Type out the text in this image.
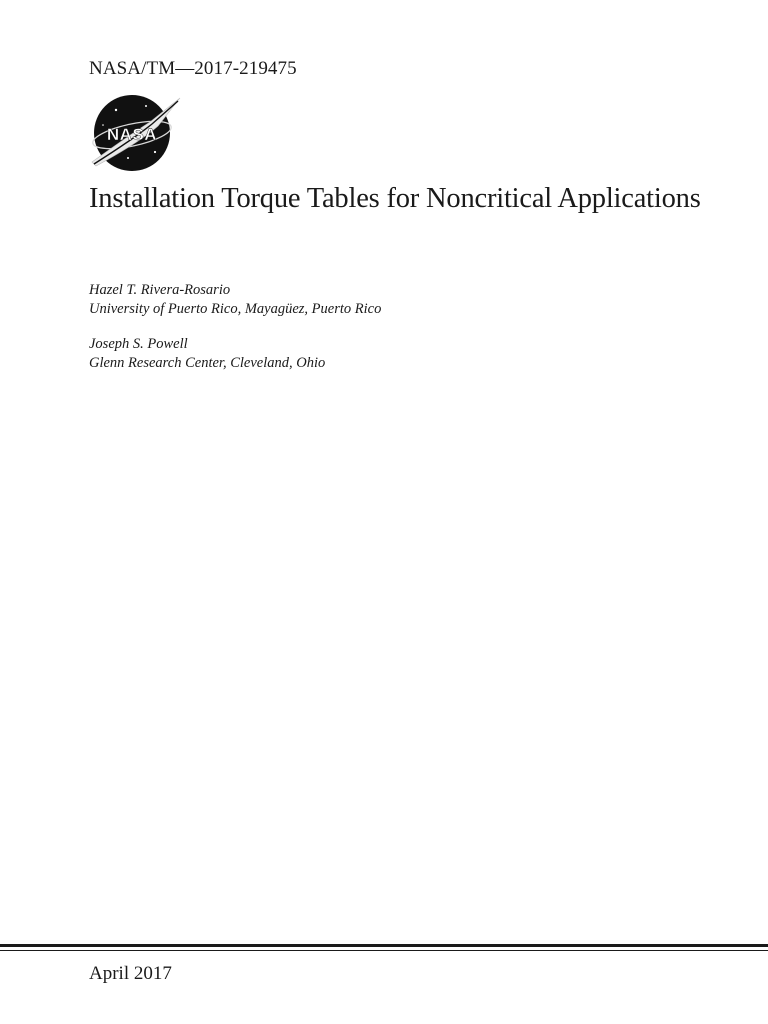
NASA/TM—2017-219475
NASA
Installation Torque Tables for Noncritical Applications
Hazel T. Rivera-Rosario
University of Puerto Rico, Mayagüez, Puerto Rico
Joseph S. Powell
Glenn Research Center, Cleveland, Ohio
April 2017
